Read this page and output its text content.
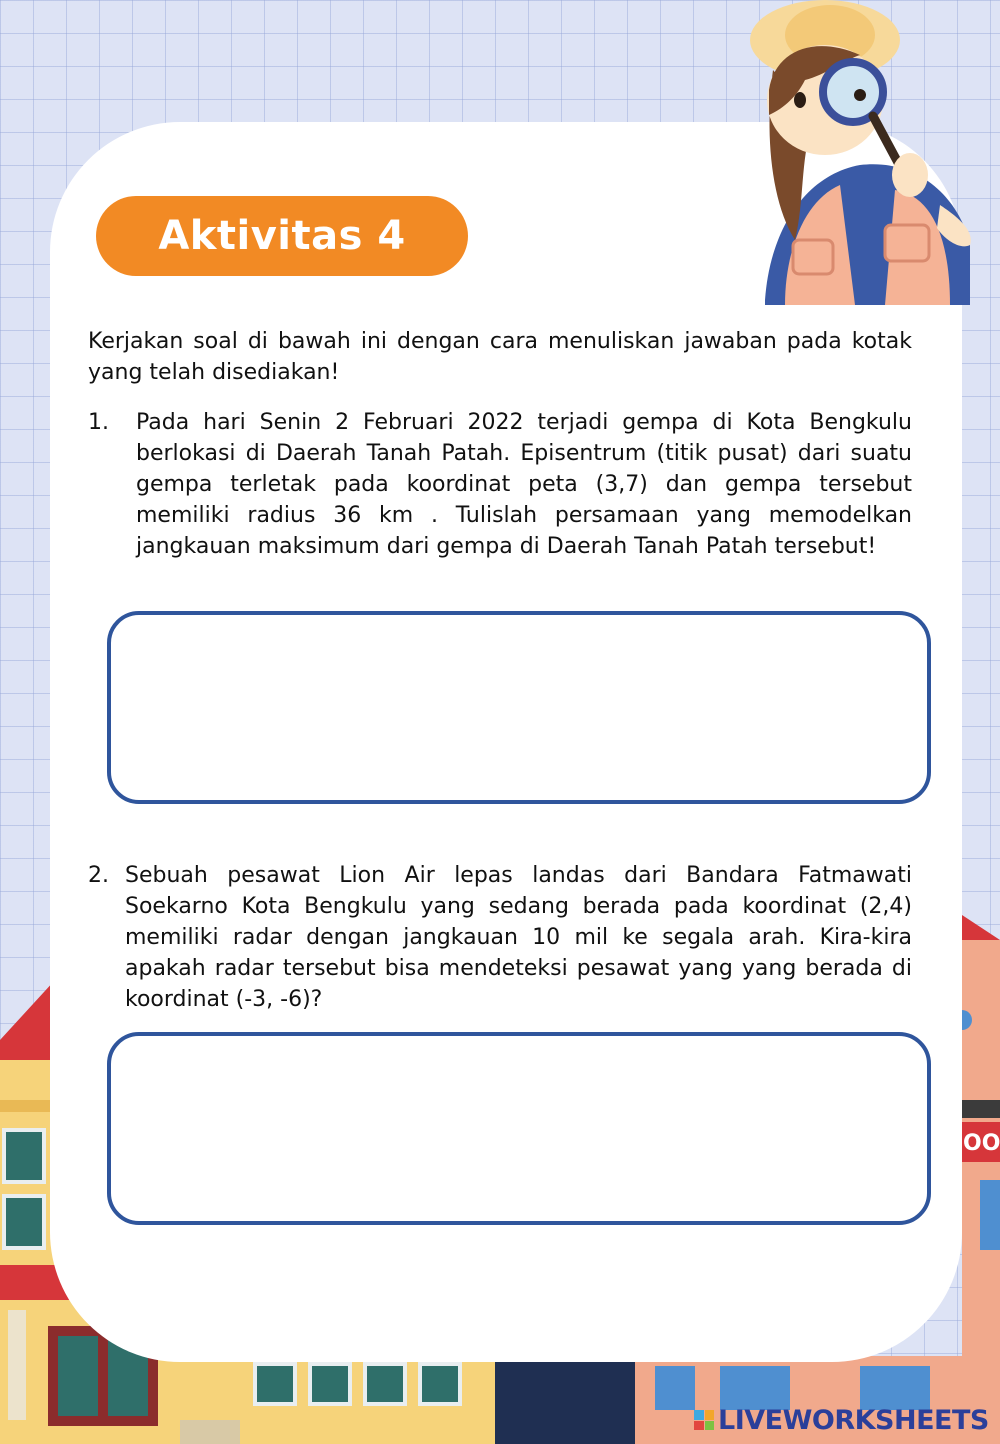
OO
Aktivitas 4
Kerjakan soal di bawah ini dengan cara menuliskan jawaban pada kotak yang telah disediakan!
1. Pada hari Senin 2 Februari 2022 terjadi gempa di Kota Bengkulu berlokasi di Daerah Tanah Patah. Episentrum (titik pusat) dari suatu gempa terletak pada koordinat peta (3,7) dan gempa tersebut memiliki radius 36 km . Tulislah persamaan yang memodelkan jangkauan maksimum dari gempa di Daerah Tanah Patah tersebut!
2. Sebuah pesawat Lion Air lepas landas dari Bandara Fatmawati Soekarno Kota Bengkulu yang sedang berada pada koordinat (2,4) memiliki radar dengan jangkauan 10 mil ke segala arah. Kira-kira apakah radar tersebut bisa mendeteksi pesawat yang yang berada di koordinat (-3, -6)?
LIVEWORKSHEETS
